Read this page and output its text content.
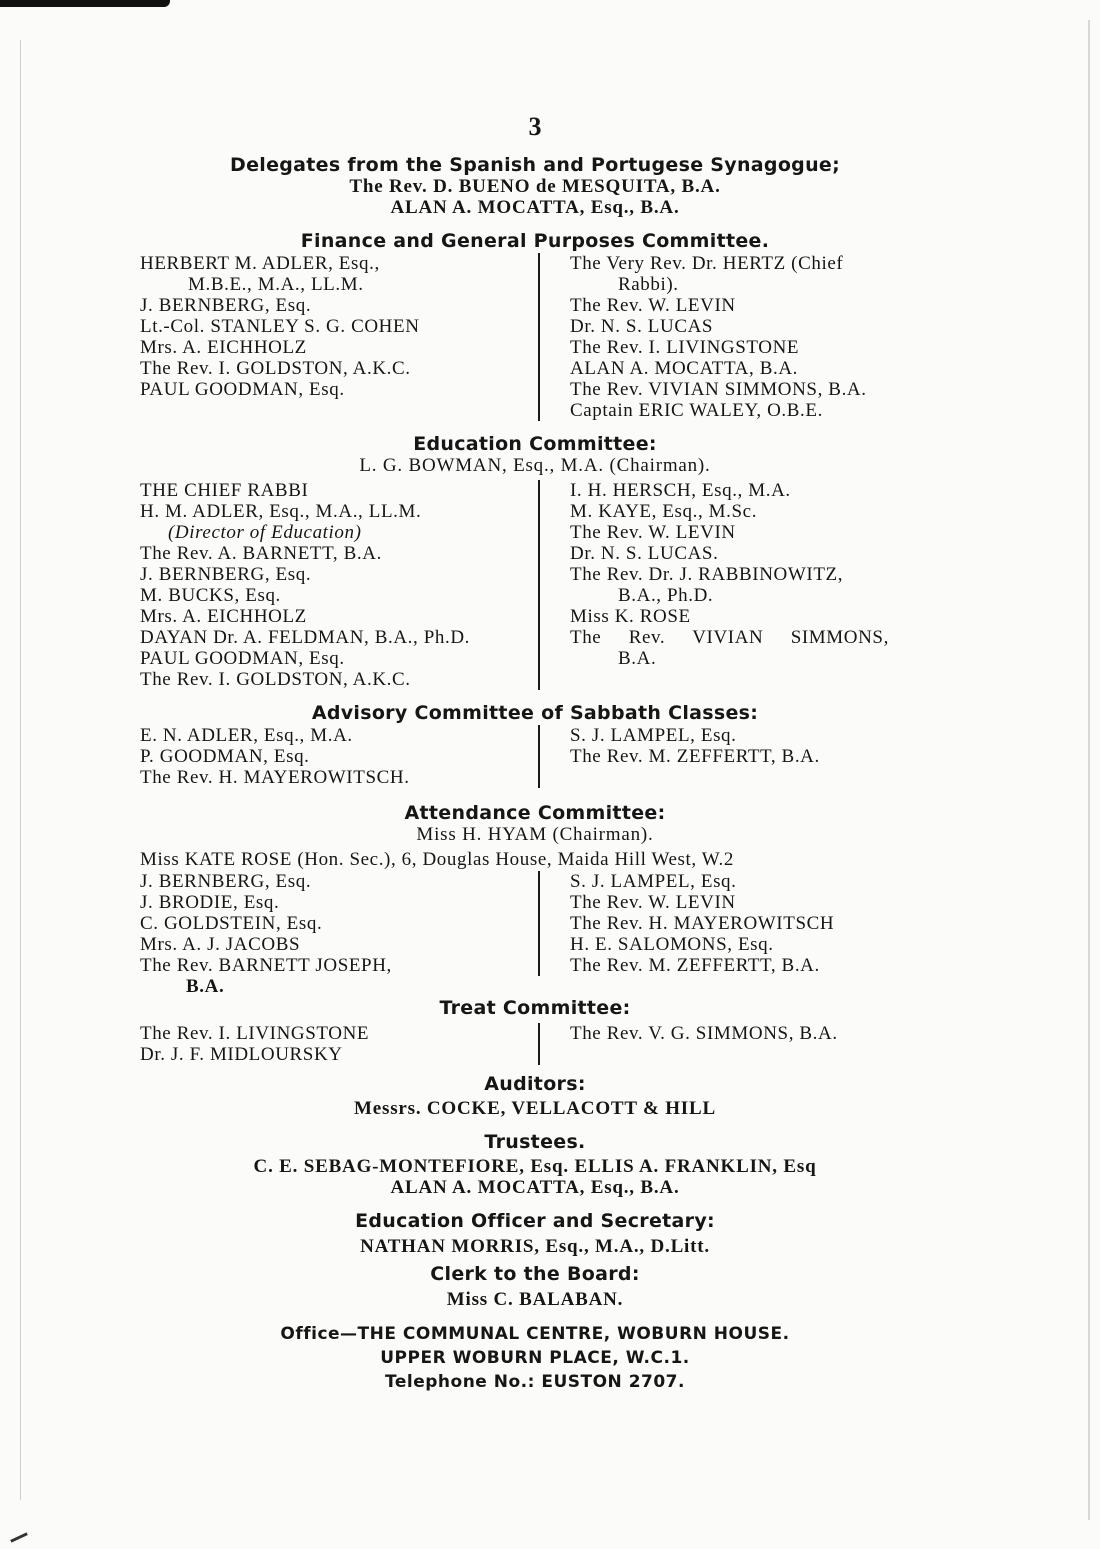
3
Delegates from the Spanish and Portugese Synagogue;
The Rev. D. BUENO de MESQUITA, B.A.
ALAN A. MOCATTA, Esq., B.A.
Finance and General Purposes Committee.
HERBERT M. ADLER, Esq.,
M.B.E., M.A., LL.M.
J. BERNBERG, Esq.
Lt.-Col. STANLEY S. G. COHEN
Mrs. A. EICHHOLZ
The Rev. I. GOLDSTON, A.K.C.
PAUL GOODMAN, Esq.
The Very Rev. Dr. HERTZ (Chief
Rabbi).
The Rev. W. LEVIN
Dr. N. S. LUCAS
The Rev. I. LIVINGSTONE
ALAN A. MOCATTA, B.A.
The Rev. VIVIAN SIMMONS, B.A.
Captain ERIC WALEY, O.B.E.
Education Committee:
L. G. BOWMAN, Esq., M.A. (Chairman).
THE CHIEF RABBI
H. M. ADLER, Esq., M.A., LL.M.
(Director of Education)
The Rev. A. BARNETT, B.A.
J. BERNBERG, Esq.
M. BUCKS, Esq.
Mrs. A. EICHHOLZ
DAYAN Dr. A. FELDMAN, B.A., Ph.D.
PAUL GOODMAN, Esq.
The Rev. I. GOLDSTON, A.K.C.
I. H. HERSCH, Esq., M.A.
M. KAYE, Esq., M.Sc.
The Rev. W. LEVIN
Dr. N. S. LUCAS.
The Rev. Dr. J. RABBINOWITZ,
B.A., Ph.D.
Miss K. ROSE
The Rev. VIVIAN SIMMONS,
B.A.
Advisory Committee of Sabbath Classes:
E. N. ADLER, Esq., M.A.
P. GOODMAN, Esq.
The Rev. H. MAYEROWITSCH.
S. J. LAMPEL, Esq.
The Rev. M. ZEFFERTT, B.A.
Attendance Committee:
Miss H. HYAM (Chairman).
Miss KATE ROSE (Hon. Sec.), 6, Douglas House, Maida Hill West, W.2
J. BERNBERG, Esq.
J. BRODIE, Esq.
C. GOLDSTEIN, Esq.
Mrs. A. J. JACOBS
The Rev. BARNETT JOSEPH,
B.A.
S. J. LAMPEL, Esq.
The Rev. W. LEVIN
The Rev. H. MAYEROWITSCH
H. E. SALOMONS, Esq.
The Rev. M. ZEFFERTT, B.A.
Treat Committee:
The Rev. I. LIVINGSTONE
Dr. J. F. MIDLOURSKY
The Rev. V. G. SIMMONS, B.A.
Auditors:
Messrs. COCKE, VELLACOTT & HILL
Trustees.
C. E. SEBAG-MONTEFIORE, Esq. ELLIS A. FRANKLIN, Esq
ALAN A. MOCATTA, Esq., B.A.
Education Officer and Secretary:
NATHAN MORRIS, Esq., M.A., D.Litt.
Clerk to the Board:
Miss C. BALABAN.
Office—THE COMMUNAL CENTRE, WOBURN HOUSE.
UPPER WOBURN PLACE, W.C.1.
Telephone No.: EUSTON 2707.
